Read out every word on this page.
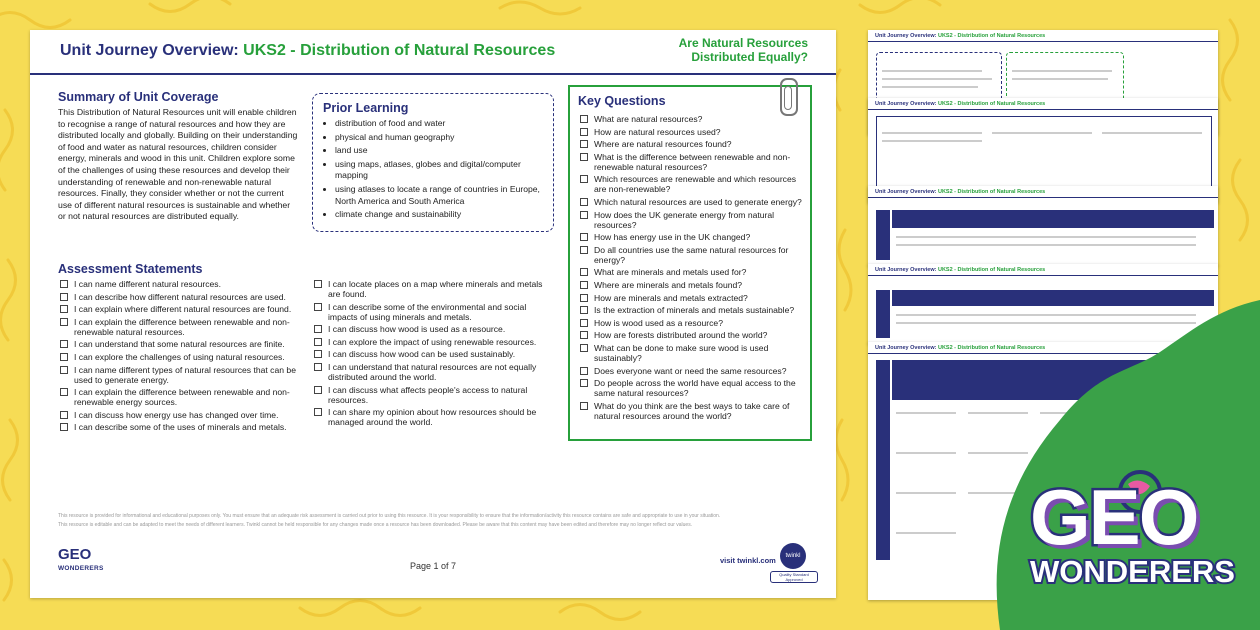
Unit Journey Overview: UKS2 - Distribution of Natural Resources	Are Natural Resources
Distributed Equally?
Summary of Unit Coverage
This Distribution of Natural Resources unit will enable children to recognise a range of natural resources and how they are distributed locally and globally. Building on their understanding of food and water as natural resources, children consider energy, minerals and wood in this unit. Children explore some of the challenges of using these resources and develop their understanding of renewable and non-renewable natural resources. Finally, they consider whether or not the current use of different natural resources is sustainable and whether or not natural resources are distributed equally.
Prior Learning
• distribution of food and water
• physical and human geography
• land use
• using maps, atlases, globes and digital/computer mapping
• using atlases to locate a range of countries in Europe, North America and South America
• climate change and sustainability
Key Questions
What are natural resources?
How are natural resources used?
Where are natural resources found?
What is the difference between renewable and non-renewable natural resources?
Which resources are renewable and which resources are non-renewable?
Which natural resources are used to generate energy?
How does the UK generate energy from natural resources?
How has energy use in the UK changed?
Do all countries use the same natural resources for energy?
What are minerals and metals used for?
Where are minerals and metals found?
How are minerals and metals extracted?
Is the extraction of minerals and metals sustainable?
How is wood used as a resource?
How are forests distributed around the world?
What can be done to make sure wood is used sustainably?
Does everyone want or need the same resources?
Do people across the world have equal access to the same natural resources?
What do you think are the best ways to take care of natural resources around the world?
Assessment Statements
I can name different natural resources.
I can describe how different natural resources are used.
I can explain where different natural resources are found.
I can explain the difference between renewable and non-renewable natural resources.
I can understand that some natural resources are finite.
I can explore the challenges of using natural resources.
I can name different types of natural resources that can be used to generate energy.
I can explain the difference between renewable and non-renewable energy sources.
I can discuss how energy use has changed over time.
I can describe some of the uses of minerals and metals.
I can locate places on a map where minerals and metals are found.
I can describe some of the environmental and social impacts of using minerals and metals.
I can discuss how wood is used as a resource.
I can explore the impact of using renewable resources.
I can discuss how wood can be used sustainably.
I can understand that natural resources are not equally distributed around the world.
I can discuss what affects people's access to natural resources.
I can share my opinion about how resources should be managed around the world.
This resource is provided for informational and educational purposes only. You must ensure that an adequate risk assessment is carried out prior to using this resource. It is your responsibility to ensure that the information/activity this resource contains are safe and appropriate to use in your situation.
This resource is editable and can be adapted to meet the needs of different learners. Twinkl cannot be held responsible for any changes made once a resource has been downloaded. Please be aware that this content may have been edited and therefore may no longer reflect our values.
GEO
WONDERERS	Page 1 of 7
visit twinkl.com	twinkl
Quality Standard Approved
Unit Journey Overview: UKS2 - Distribution of Natural Resources
Unit Journey Overview: UKS2 - Distribution of Natural Resources
Unit Journey Overview: UKS2 - Distribution of Natural Resources
Unit Journey Overview: UKS2 - Distribution of Natural Resources
Unit Journey Overview: UKS2 - Distribution of Natural Resources
GEO
WONDERERS
